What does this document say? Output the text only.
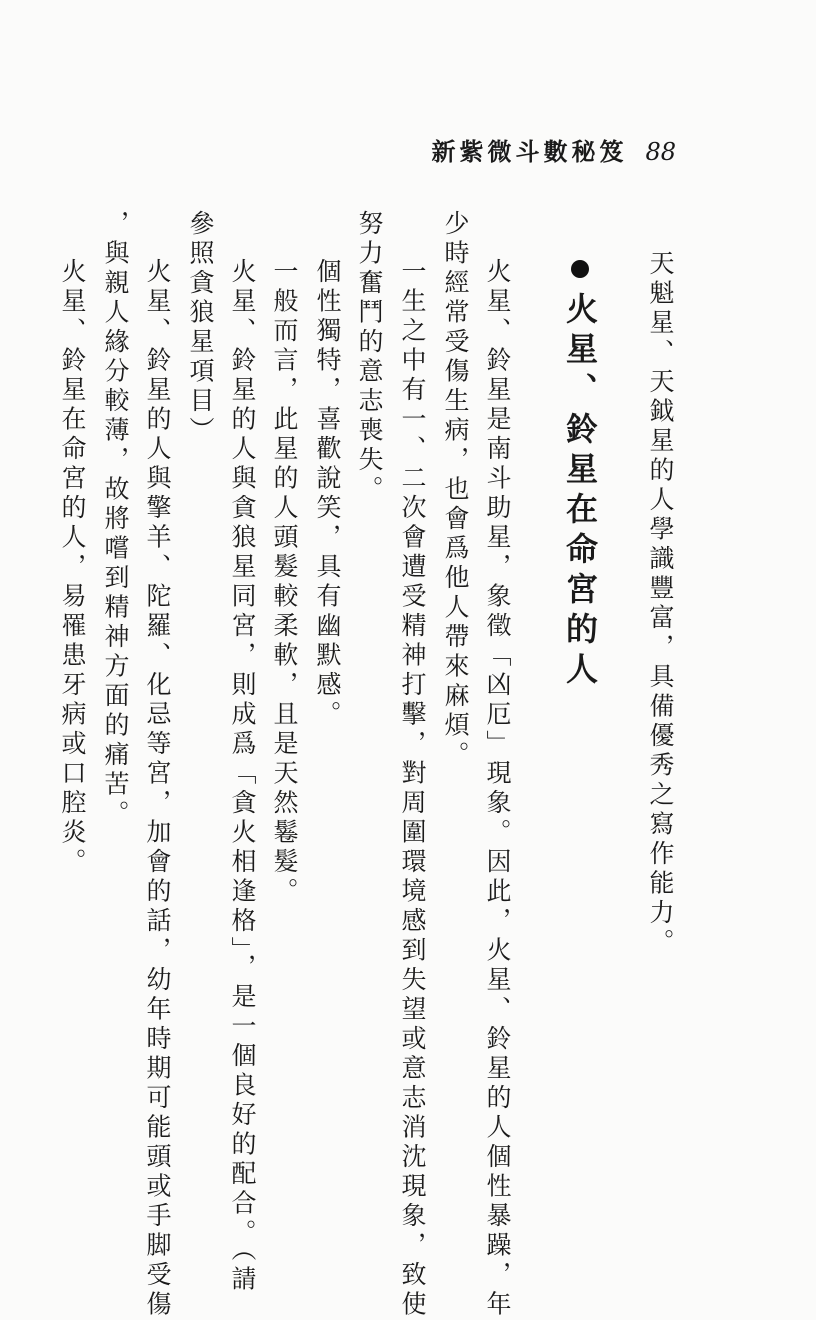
新紫微斗數秘笈 88
天魁星、天鉞星的人學識豐富，具備優秀之寫作能力。
火星、鈴星在命宮的人
火星、鈴星是南斗助星，象徵「凶厄」現象。因此，火星、鈴星的人個性暴躁，年
少時經常受傷生病，也會爲他人帶來麻煩。
一生之中有一、二次會遭受精神打擊，對周圍環境感到失望或意志消沈現象，致使
努力奮鬥的意志喪失。
個性獨特，喜歡說笑，具有幽默感。
一般而言，此星的人頭髮較柔軟，且是天然鬈髮。
火星、鈴星的人與貪狼星同宮，則成爲「貪火相逢格」，是一個良好的配合。（請
參照貪狼星項目）
火星、鈴星的人與擎羊、陀羅、化忌等宮，加會的話，幼年時期可能頭或手脚受傷
，與親人緣分較薄，故將嚐到精神方面的痛苦。
火星、鈴星在命宮的人，易罹患牙病或口腔炎。
